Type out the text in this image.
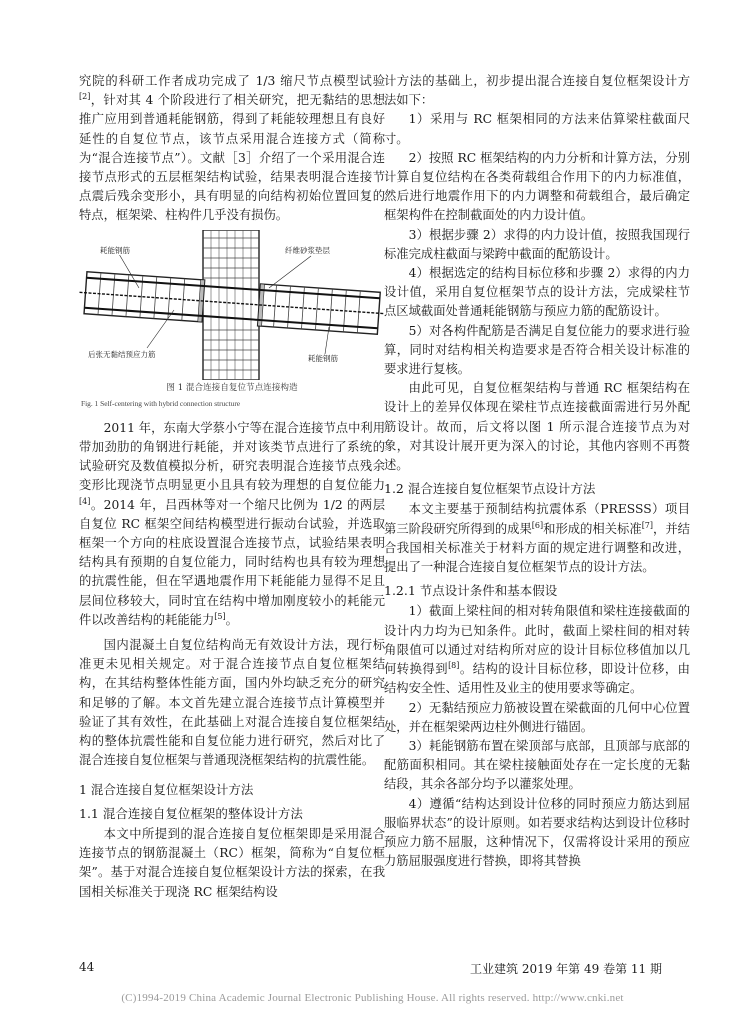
究院的科研工作者成功完成了 1/3 缩尺节点模型试验[2]，针对其 4 个阶段进行了相关研究，把无黏结的思想推广应用到普通耗能钢筋，得到了耗能较理想且有良好延性的自复位节点，该节点采用混合连接方式（简称为“混合连接节点”）。文献［3］介绍了一个采用混合连接节点形式的五层框架结构试验，结果表明混合连接节点震后残余变形小，具有明显的向结构初始位置回复的特点，框架梁、柱构件几乎没有损伤。

耗能钢筋	纤维砂浆垫层
后张无黏结预应力筋	耗能钢筋

图 1 混合连接自复位节点连接构造

Fig. 1 Self-centering with hybrid connection structure

2011 年，东南大学蔡小宁等在混合连接节点中利用带加劲肋的角钢进行耗能，并对该类节点进行了系统的试验研究及数值模拟分析，研究表明混合连接节点残余变形比现浇节点明显更小且具有较为理想的自复位能力[4]。2014 年，吕西林等对一个缩尺比例为 1/2 的两层自复位 RC 框架空间结构模型进行振动台试验，并选取框架一个方向的柱底设置混合连接节点，试验结果表明结构具有预期的自复位能力，同时结构也具有较为理想的抗震性能，但在罕遇地震作用下耗能能力显得不足且层间位移较大，同时宜在结构中增加刚度较小的耗能元件以改善结构的耗能能力[5]。

国内混凝土自复位结构尚无有效设计方法，现行标准更未见相关规定。对于混合连接节点自复位框架结构，在其结构整体性能方面，国内外均缺乏充分的研究和足够的了解。本文首先建立混合连接节点计算模型并验证了其有效性，在此基础上对混合连接自复位框架结构的整体抗震性能和自复位能力进行研究，然后对比了混合连接自复位框架与普通现浇框架结构的抗震性能。

1 混合连接自复位框架设计方法

1.1 混合连接自复位框架的整体设计方法

本文中所提到的混合连接自复位框架即是采用混合连接节点的钢筋混凝土（RC）框架，简称为“自复位框架”。基于对混合连接自复位框架设计方法的探索，在我国相关标准关于现浇 RC 框架结构设

计方法的基础上，初步提出混合连接自复位框架设计方法如下：

1）采用与 RC 框架相同的方法来估算梁柱截面尺寸。

2）按照 RC 框架结构的内力分析和计算方法，分别计算自复位结构在各类荷载组合作用下的内力标准值，然后进行地震作用下的内力调整和荷载组合，最后确定框架构件在控制截面处的内力设计值。

3）根据步骤 2）求得的内力设计值，按照我国现行标准完成柱截面与梁跨中截面的配筋设计。

4）根据选定的结构目标位移和步骤 2）求得的内力设计值，采用自复位框架节点的设计方法，完成梁柱节点区域截面处普通耗能钢筋与预应力筋的配筋设计。

5）对各构件配筋是否满足自复位能力的要求进行验算，同时对结构相关构造要求是否符合相关设计标准的要求进行复核。

由此可见，自复位框架结构与普通 RC 框架结构在设计上的差异仅体现在梁柱节点连接截面需进行另外配筋设计。故而，后文将以图 1 所示混合连接节点为对象，对其设计展开更为深入的讨论，其他内容则不再赘述。

1.2 混合连接自复位框架节点设计方法

本文主要基于预制结构抗震体系（PRESSS）项目第三阶段研究所得到的成果[6]和形成的相关标准[7]，并结合我国相关标准关于材料方面的规定进行调整和改进，提出了一种混合连接自复位框架节点的设计方法。

1.2.1 节点设计条件和基本假设

1）截面上梁柱间的相对转角限值和梁柱连接截面的设计内力均为已知条件。此时，截面上梁柱间的相对转角限值可以通过对结构所对应的设计目标位移值加以几何转换得到[8]。结构的设计目标位移，即设计位移，由结构安全性、适用性及业主的使用要求等确定。

2）无黏结预应力筋被设置在梁截面的几何中心位置处，并在框架梁两边柱外侧进行锚固。

3）耗能钢筋布置在梁顶部与底部，且顶部与底部的配筋面积相同。其在梁柱接触面处存在一定长度的无黏结段，其余各部分均予以灌浆处理。

4）遵循“结构达到设计位移的同时预应力筋达到屈服临界状态”的设计原则。如若要求结构达到设计位移时预应力筋不屈服，这种情况下，仅需将设计采用的预应力筋屈服强度进行替换，即将其替换

44	工业建筑 2019 年第 49 卷第 11 期
(C)1994-2019 China Academic Journal Electronic Publishing House. All rights reserved. http://www.cnki.net
